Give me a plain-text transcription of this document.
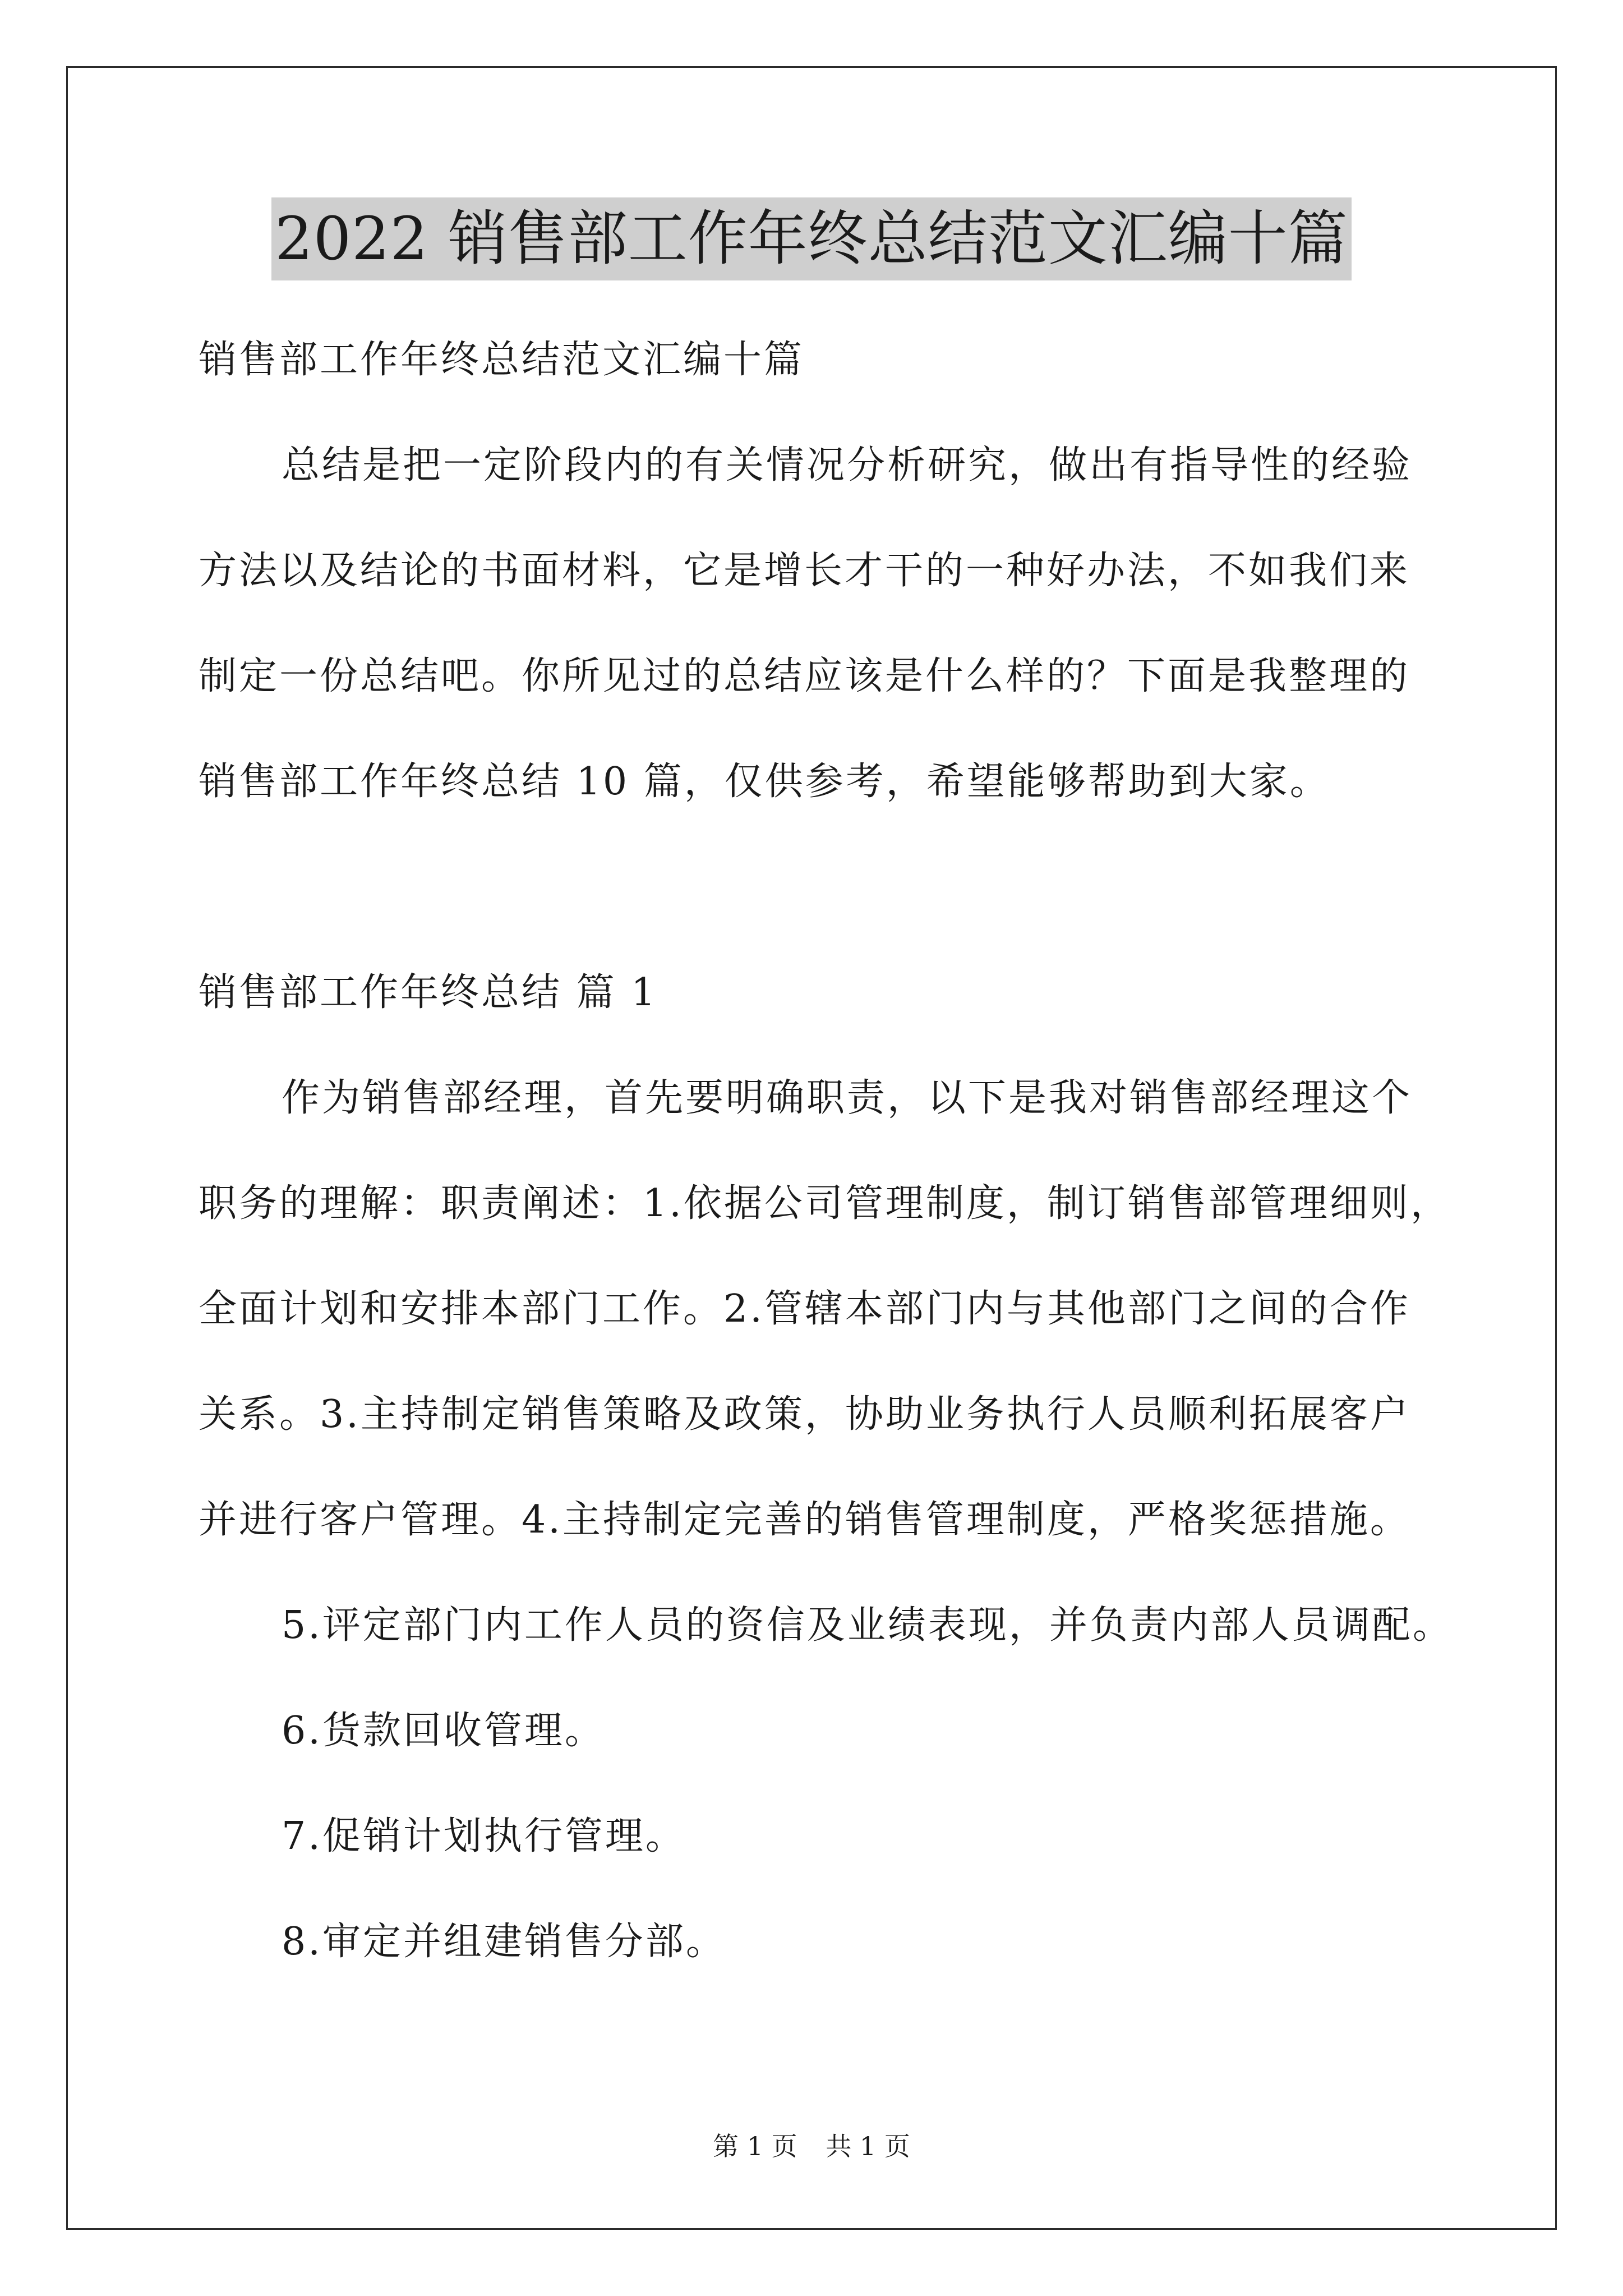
2022 销售部工作年终总结范文汇编十篇
销售部工作年终总结范文汇编十篇
总结是把一定阶段内的有关情况分析研究，做出有指导性的经验
方法以及结论的书面材料，它是增长才干的一种好办法，不如我们来
制定一份总结吧。你所见过的总结应该是什么样的？下面是我整理的
销售部工作年终总结 10 篇，仅供参考，希望能够帮助到大家。
销售部工作年终总结 篇 1
作为销售部经理，首先要明确职责，以下是我对销售部经理这个
职务的理解：职责阐述：1.依据公司管理制度，制订销售部管理细则，
全面计划和安排本部门工作。2.管辖本部门内与其他部门之间的合作
关系。3.主持制定销售策略及政策，协助业务执行人员顺利拓展客户
并进行客户管理。4.主持制定完善的销售管理制度，严格奖惩措施。
5.评定部门内工作人员的资信及业绩表现，并负责内部人员调配。
6.货款回收管理。
7.促销计划执行管理。
8.审定并组建销售分部。
第 1 页 共 1 页
